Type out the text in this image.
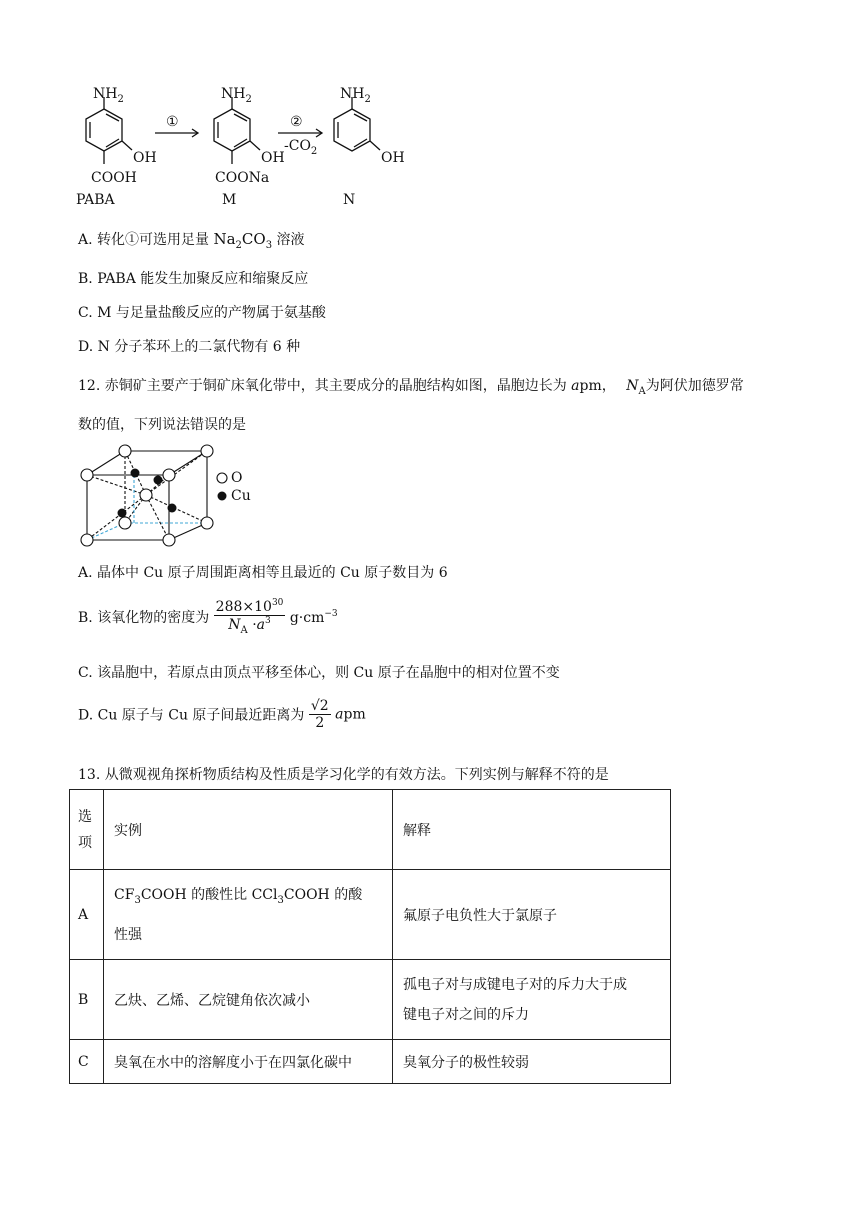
$NH_2$
OH
COOH
PABA
①
$NH_2$
OH
COONa
M
②
$-CO_2$
$NH_2$
OH
N
A. 转化①可选用足量 $Na_2CO_3$ 溶液
B. PABA 能发生加聚反应和缩聚反应
C. M 与足量盐酸反应的产物属于氨基酸
D. N 分子苯环上的二氯代物有 6 种
12. 赤铜矿主要产于铜矿床氧化带中，其主要成分的晶胞结构如图，晶胞边长为 apm， $N_A$为阿伏加德罗常
数的值，下列说法错误的是
O
Cu
A. 晶体中 Cu 原子周围距离相等且最近的 Cu 原子数目为 6
B. 该氧化物的密度为 $\frac{288\times 10^{30}}{N_A \cdot a^3} g\cdot cm^{-3}$
C. 该晶胞中，若原点由顶点平移至体心，则 Cu 原子在晶胞中的相对位置不变
D. Cu 原子与 Cu 原子间最近距离为 $\frac{√2}{2}$ apm
13. 从微观视角探析物质结构及性质是学习化学的有效方法。下列实例与解释不符的是
选
项	实例	解释
A	$CF_3COOH$ 的酸性比 CCl$_3$COOH 的酸
性强	氟原子电负性大于氯原子
B	乙炔、乙烯、乙烷键角依次减小	孤电子对与成键电子对的斥力大于成
键电子对之间的斥力
C	臭氧在水中的溶解度小于在四氯化碳中	臭氧分子的极性较弱
